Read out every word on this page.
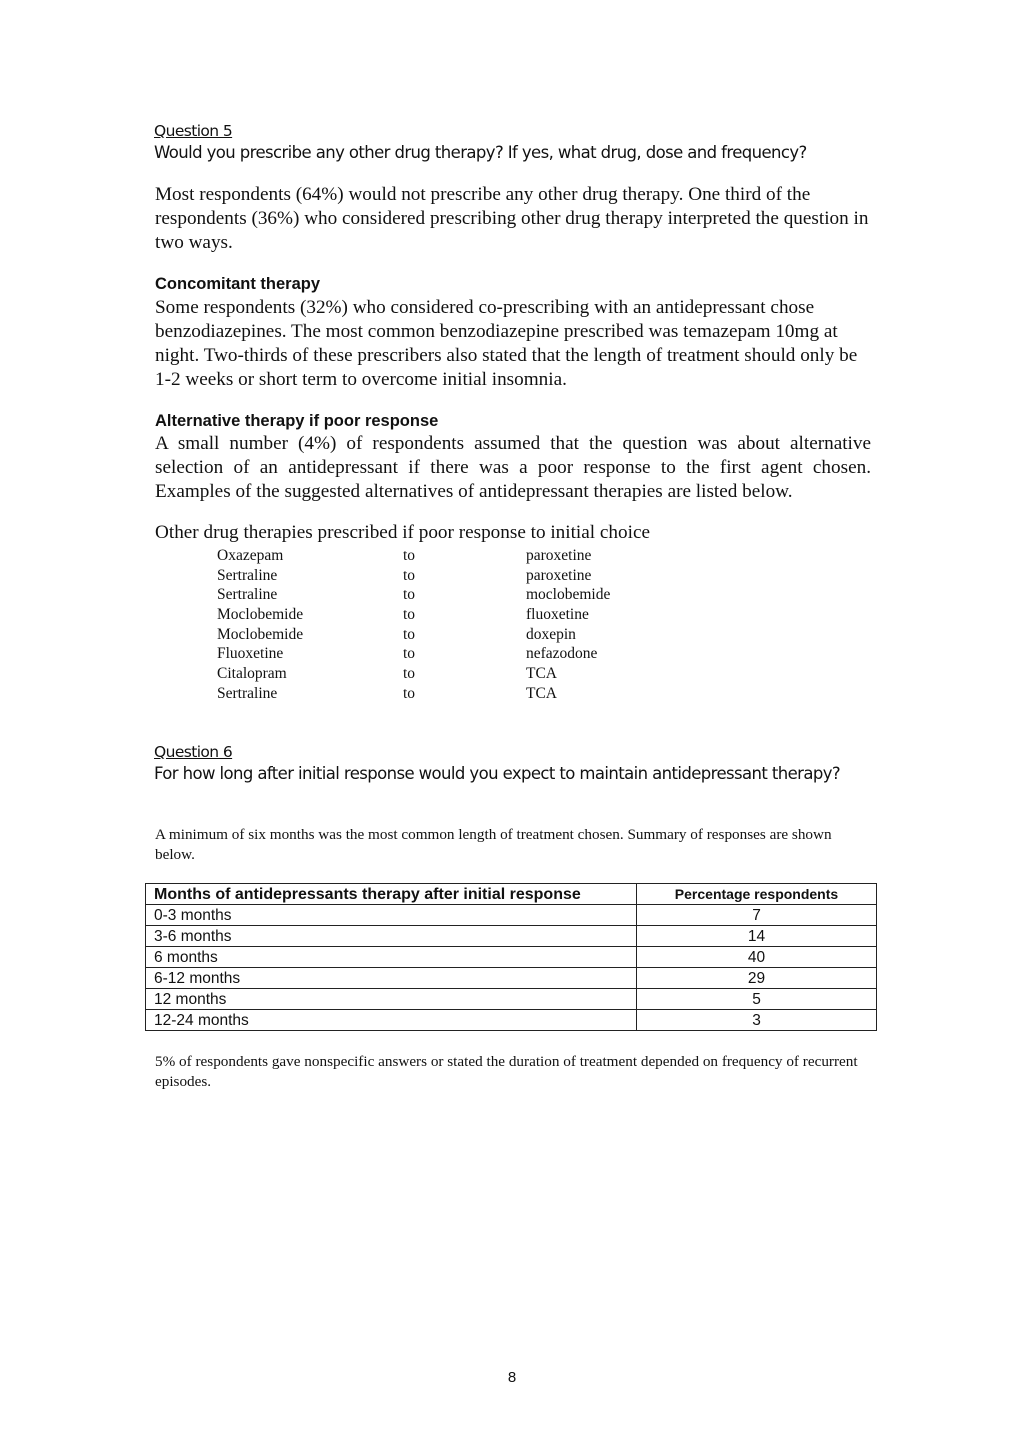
Question 5
Would you prescribe any other drug therapy? If yes, what drug, dose and frequency?

Most respondents (64%) would not prescribe any other drug therapy. One third of the respondents (36%) who considered prescribing other drug therapy interpreted the question in two ways.

Concomitant therapy

Some respondents (32%) who considered co-prescribing with an antidepressant chose benzodiazepines. The most common benzodiazepine prescribed was temazepam 10mg at night. Two-thirds of these prescribers also stated that the length of treatment should only be 1-2 weeks or short term to overcome initial insomnia.

Alternative therapy if poor response

A small number (4%) of respondents assumed that the question was about alternative selection of an antidepressant if there was a poor response to the first agent chosen. Examples of the suggested alternatives of antidepressant therapies are listed below.

Other drug therapies prescribed if poor response to initial choice

Oxazepam	to	paroxetine
Sertraline	to	paroxetine
Sertraline	to	moclobemide
Moclobemide	to	fluoxetine
Moclobemide	to	doxepin
Fluoxetine	to	nefazodone
Citalopram	to	TCA
Sertraline	to	TCA
Question 6
For how long after initial response would you expect to maintain antidepressant therapy?

A minimum of six months was the most common length of treatment chosen. Summary of responses are shown below.

Months of antidepressants therapy after initial response	Percentage respondents
0-3 months	7
3-6 months	14
6 months	40
6-12 months	29
12 months	5
12-24 months	3

5% of respondents gave nonspecific answers or stated the duration of treatment depended on frequency of recurrent episodes.

8
